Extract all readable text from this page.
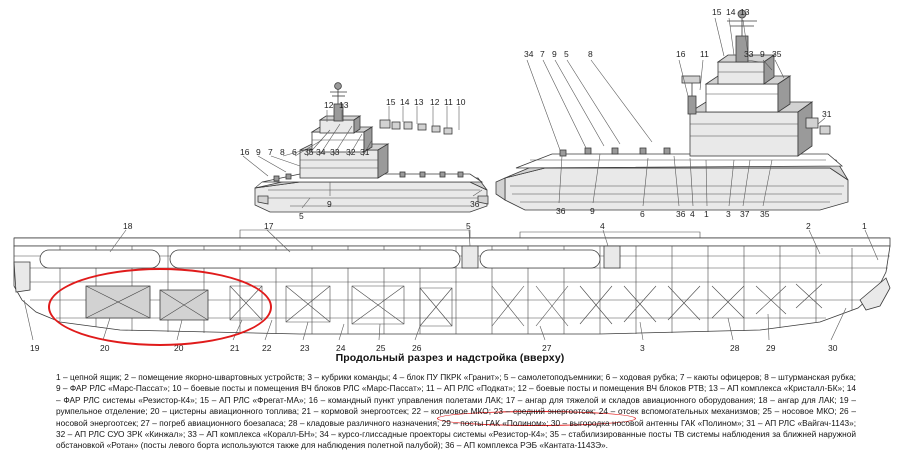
12 13	15 14 13 12 11 10
16 9 7 8 6 35 34 33 32 31
36
9
5
15 14 13
34 7 9 5 8	16 11	33 9 35
31
36	9	6	36 4 1 3 37 35
18	17	5	4	2	1
19	20	20	21	22	23	24	25	26	27	3	28	29	30
Продольный разрез и надстройка (вверху)
1 – цепной ящик; 2 – помещение якорно-швартовных устройств; 3 – кубрики команды; 4 – блок ПУ ПКРК «Гранит»; 5 – самолетоподъемники; 6 – ходовая рубка; 7 – каюты офицеров; 8 – штурманская рубка; 9 – ФАР РЛС «Марс-Пассат»; 10 – боевые посты и помещения ВЧ блоков РЛС «Марс-Пассат»; 11 – АП РЛС «Подкат»; 12 – боевые посты и помещения ВЧ блоков РТВ; 13 – АП комплекса «Кристалл-БК»; 14 – ФАР РЛС системы «Резистор-К4»; 15 – АП РЛС «Фрегат-МА»; 16 – командный пункт управления полетами ЛАК; 17 – ангар для тяжелой и складов авиационного оборудования; 18 – ангар для ЛАК; 19 – румпельное отделение; 20 – цистерны авиационного топлива; 21 – кормовой энергоотсек; 22 – кормовое МКО; 23 – средний энергоотсек; 24 – отсек вспомогательных механизмов; 25 – носовое МКО; 26 – носовой энергоотсек; 27 – погреб авиационного боезапаса; 28 – кладовые различного назначения; 29 – посты ГАК «Полином»; 30 – выгородка носовой антенны ГАК «Полином»; 31 – АП РЛС «Вайгач-1143»; 32 – АП РЛС СУО ЗРК «Кинжал»; 33 – АП комплекса «Коралл-БН»; 34 – курсо-глиссадные проекторы системы «Резистор-К4»; 35 – стабилизированные посты ТВ системы наблюдения за ближней наружной обстановкой «Ротан» (посты левого борта используются также для наблюдения полетной палубой); 36 – АП комплекса РЭБ «Кантата-1143Э».
